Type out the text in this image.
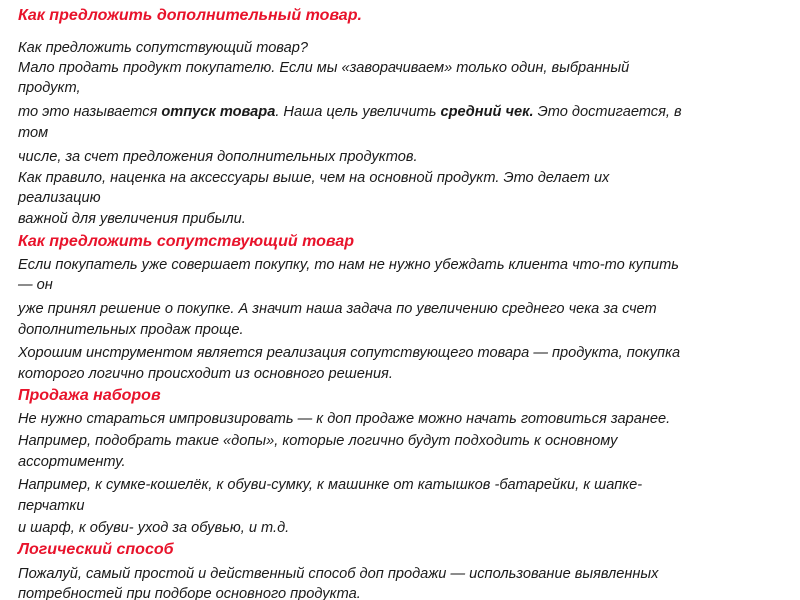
Как предложить дополнительный товар.
Как предложить сопутствующий товар?
Мало продать продукт покупателю. Если мы «заворачиваем» только один, выбранный
продукт,
то это называется отпуск товара. Наша цель увеличить средний чек. Это достигается, в
том
числе, за счет предложения дополнительных продуктов.
Как правило, наценка на аксессуары выше, чем на основной продукт. Это делает их
реализацию
важной для увеличения прибыли.
Как предложить сопутствующий товар
Если покупатель уже совершает покупку, то нам не нужно убеждать клиента что-то купить
— он
уже принял решение о покупке. А значит наша задача по увеличению среднего чека за счет
дополнительных продаж проще.
Хорошим инструментом является реализация сопутствующего товара — продукта, покупка
которого логично происходит из основного решения.
Продажа наборов
Не нужно стараться импровизировать — к доп продаже можно начать готовиться заранее.
Например, подобрать такие «допы», которые логично будут подходить к основному
ассортименту.
Например, к сумке-кошелёк, к обуви-сумку, к машинке от катышков -батарейки, к шапке-
перчатки
и шарф, к обуви- уход за обувью, и т.д.
Логический способ
Пожалуй, самый простой и действенный способ доп продажи — использование выявленных
потребностей при подборе основного продукта.
